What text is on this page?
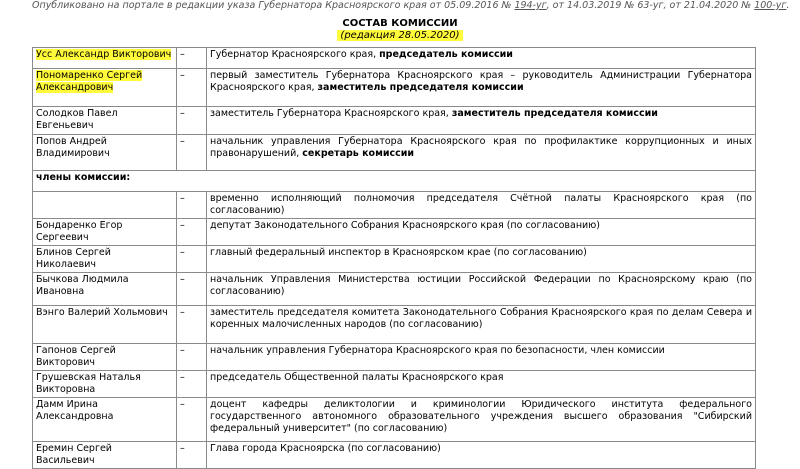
Опубликовано на портале в редакции указа Губернатора Красноярского края от 05.09.2016 № 194-уг, от 14.03.2019 № 63-уг, от 21.04.2020 № 100-уг.
СОСТАВ КОМИССИИ
(редакция 28.05.2020)
Усс Александр Викторович	–	Губернатор Красноярского края, председатель комиссии
Пономаренко Сергей Александрович	–	первый заместитель Губернатора Красноярского края – руководитель Администрации Губернатора Красноярского края, заместитель председателя комиссии
Солодков Павел Евгеньевич	–	заместитель Губернатора Красноярского края, заместитель председателя комиссии
Попов Андрей Владимирович	–	начальник управления Губернатора Красноярского края по профилактике коррупционных и иных правонарушений, секретарь комиссии
члены комиссии:		
	–	временно исполняющий полномочия председателя Счётной палаты Красноярского края (по согласованию)
Бондаренко Егор Сергеевич	–	депутат Законодательного Собрания Красноярского края (по согласованию)
Блинов Сергей Николаевич	–	главный федеральный инспектор в Красноярском крае (по согласованию)
Бычкова Людмила Ивановна	–	начальник Управления Министерства юстиции Российской Федерации по Красноярскому краю (по согласованию)
Вэнго Валерий Хольмович	–	заместитель председателя комитета Законодательного Собрания Красноярского края по делам Севера и коренных малочисленных народов (по согласованию)
Гапонов Сергей Викторович	–	начальник управления Губернатора Красноярского края по безопасности, член комиссии
Грушевская Наталья Викторовна	–	председатель Общественной палаты Красноярского края
Дамм Ирина Александровна	–	доцент кафедры деликтологии и криминологии Юридического института федерального государственного автономного образовательного учреждения высшего образования "Сибирский федеральный университет" (по согласованию)
Еремин Сергей Васильевич	–	Глава города Красноярска (по согласованию)
